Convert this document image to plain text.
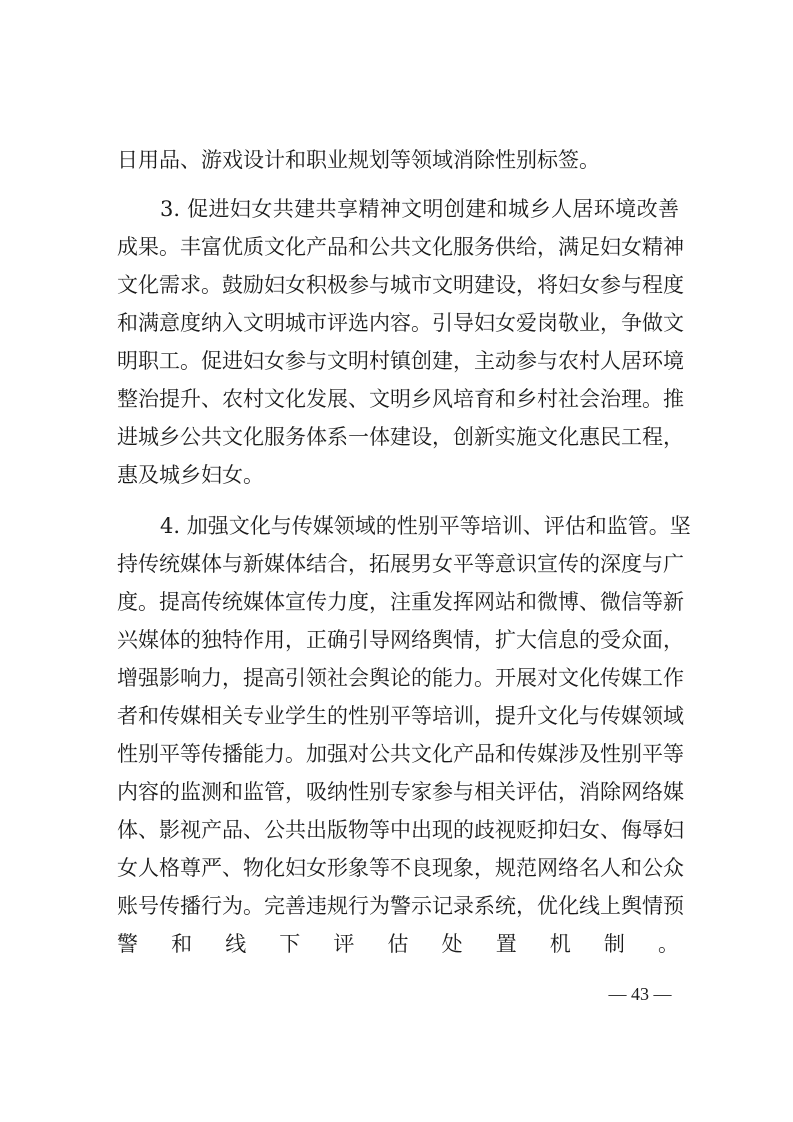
日用品、游戏设计和职业规划等领域消除性别标签。
3. 促进妇女共建共享精神文明创建和城乡人居环境改善
成果。丰富优质文化产品和公共文化服务供给，满足妇女精神
文化需求。鼓励妇女积极参与城市文明建设，将妇女参与程度
和满意度纳入文明城市评选内容。引导妇女爱岗敬业，争做文
明职工。促进妇女参与文明村镇创建，主动参与农村人居环境
整治提升、农村文化发展、文明乡风培育和乡村社会治理。推
进城乡公共文化服务体系一体建设，创新实施文化惠民工程，
惠及城乡妇女。
4. 加强文化与传媒领域的性别平等培训、评估和监管。坚
持传统媒体与新媒体结合，拓展男女平等意识宣传的深度与广
度。提高传统媒体宣传力度，注重发挥网站和微博、微信等新
兴媒体的独特作用，正确引导网络舆情，扩大信息的受众面，
增强影响力，提高引领社会舆论的能力。开展对文化传媒工作
者和传媒相关专业学生的性别平等培训，提升文化与传媒领域
性别平等传播能力。加强对公共文化产品和传媒涉及性别平等
内容的监测和监管，吸纳性别专家参与相关评估，消除网络媒
体、影视产品、公共出版物等中出现的歧视贬抑妇女、侮辱妇
女人格尊严、物化妇女形象等不良现象，规范网络名人和公众
账号传播行为。完善违规行为警示记录系统，优化线上舆情预
警和线下评估处置机制。
— 43 —
